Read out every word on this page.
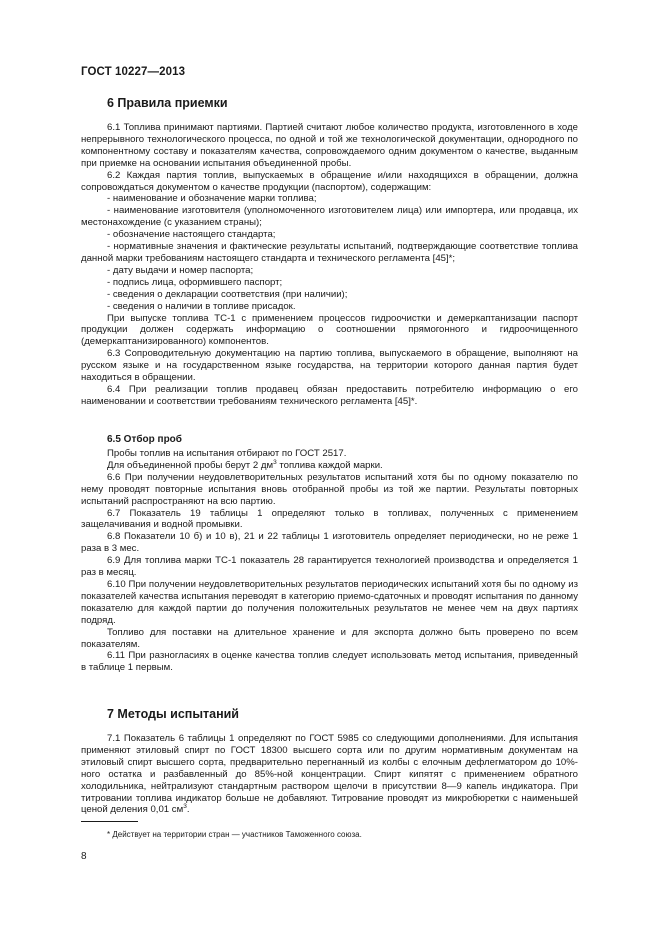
ГОСТ 10227—2013
6 Правила приемки

6.1 Топлива принимают партиями. Партией считают любое количество продукта, изготовленного в ходе непрерывного технологического процесса, по одной и той же технологической документации, однородного по компонентному составу и показателям качества, сопровождаемого одним документом о качестве, выданным при приемке на основании испытания объединенной пробы.

6.2 Каждая партия топлив, выпускаемых в обращение и/или находящихся в обращении, должна сопровождаться документом о качестве продукции (паспортом), содержащим:

- наименование и обозначение марки топлива;

- наименование изготовителя (уполномоченного изготовителем лица) или импортера, или продавца, их местонахождение (с указанием страны);

- обозначение настоящего стандарта;

- нормативные значения и фактические результаты испытаний, подтверждающие соответствие топлива данной марки требованиям настоящего стандарта и технического регламента [45]*;

- дату выдачи и номер паспорта;

- подпись лица, оформившего паспорт;

- сведения о декларации соответствия (при наличии);

- сведения о наличии в топливе присадок.

При выпуске топлива ТС-1 с применением процессов гидроочистки и демеркаптанизации паспорт продукции должен содержать информацию о соотношении прямогонного и гидроочищенного (демеркаптанизированного) компонентов.

6.3 Сопроводительную документацию на партию топлива, выпускаемого в обращение, выполняют на русском языке и на государственном языке государства, на территории которого данная партия будет находиться в обращении.

6.4 При реализации топлив продавец обязан предоставить потребителю информацию о его наименовании и соответствии требованиям технического регламента [45]*.

6.5 Отбор проб

Пробы топлив на испытания отбирают по ГОСТ 2517.

Для объединенной пробы берут 2 $дм^3$ топлива каждой марки.

6.6 При получении неудовлетворительных результатов испытаний хотя бы по одному показателю по нему проводят повторные испытания вновь отобранной пробы из той же партии. Результаты повторных испытаний распространяют на всю партию.

6.7 Показатель 19 таблицы 1 определяют только в топливах, полученных с применением защелачивания и водной промывки.

6.8 Показатели 10 б) и 10 в), 21 и 22 таблицы 1 изготовитель определяет периодически, но не реже 1 раза в 3 мес.

6.9 Для топлива марки ТС-1 показатель 28 гарантируется технологией производства и определяется 1 раз в месяц.

6.10 При получении неудовлетворительных результатов периодических испытаний хотя бы по одному из показателей качества испытания переводят в категорию приемо-сдаточных и проводят испытания по данному показателю для каждой партии до получения положительных результатов не менее чем на двух партиях подряд.

Топливо для поставки на длительное хранение и для экспорта должно быть проверено по всем показателям.

6.11 При разногласиях в оценке качества топлив следует использовать метод испытания, приведенный в таблице 1 первым.

7 Методы испытаний

7.1 Показатель 6 таблицы 1 определяют по ГОСТ 5985 со следующими дополнениями. Для испытания применяют этиловый спирт по ГОСТ 18300 высшего сорта или по другим нормативным документам на этиловый спирт высшего сорта, предварительно перегнанный из колбы с елочным дефлегматором до 10%-ного остатка и разбавленный до 85%-ной концентрации. Спирт кипятят с применением обратного холодильника, нейтрализуют стандартным раствором щелочи в присутствии 8—9 капель индикатора. При титровании топлива индикатор больше не добавляют. Титрование проводят из микробюретки с наименьшей ценой деления 0,01 $см^3$.

* Действует на территории стран — участников Таможенного союза.
8
